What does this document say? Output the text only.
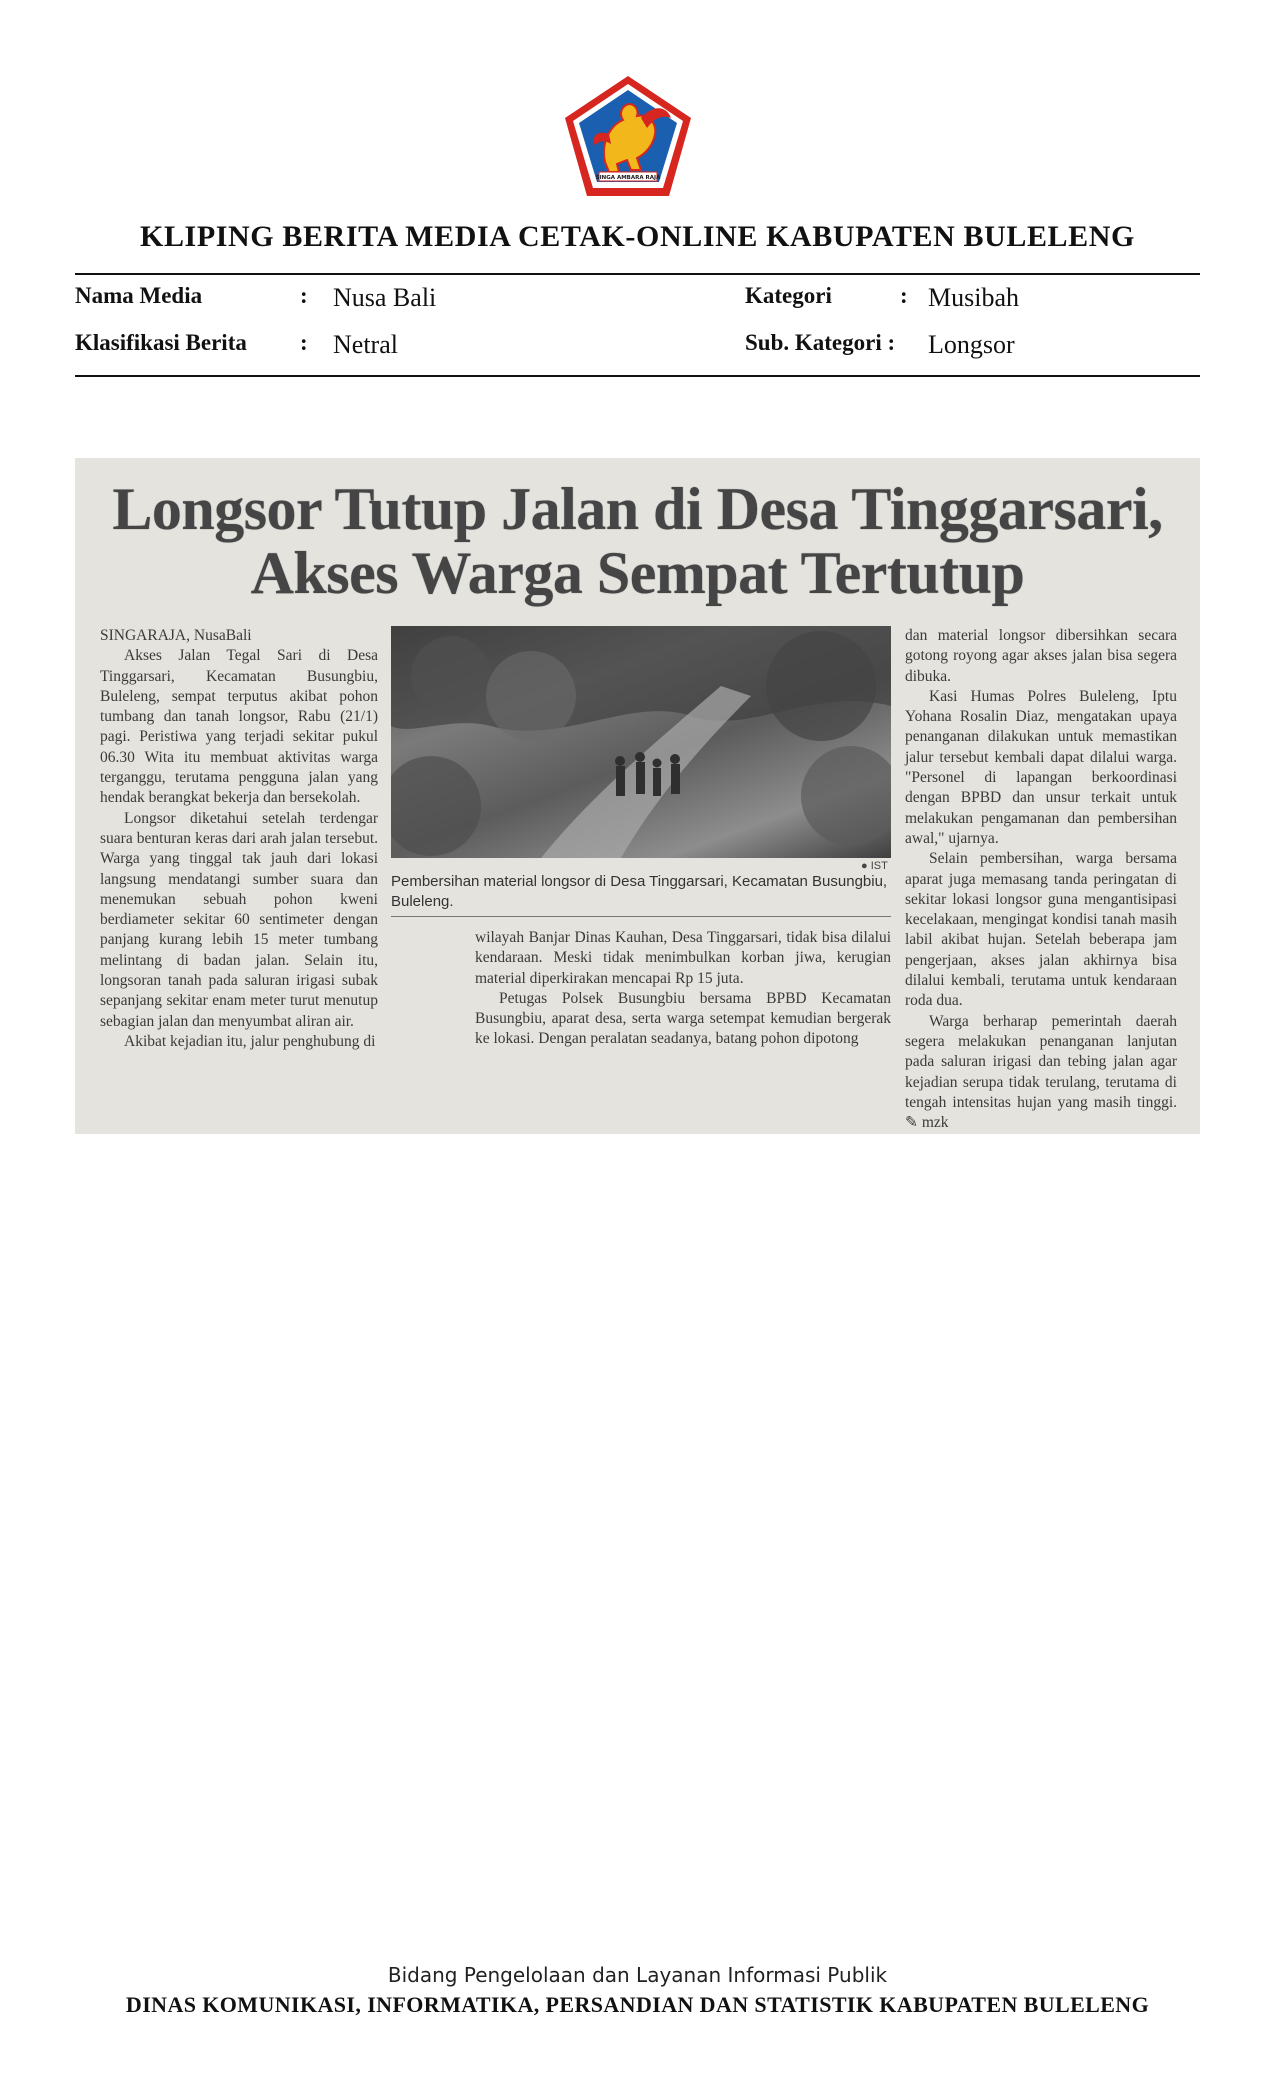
SINGA AMBARA RAJA
KLIPING BERITA MEDIA CETAK-ONLINE KABUPATEN BULELENG
Nama Media	: Nusa Bali	Kategori	: Musibah
Klasifikasi Berita : Netral	Sub. Kategori : Longsor
Longsor Tutup Jalan di Desa Tinggarsari,
Akses Warga Sempat Tertutup

SINGARAJA, NusaBali

Akses Jalan Tegal Sari di Desa Tinggarsari, Kecamatan Busungbiu, Buleleng, sempat terputus akibat pohon tumbang dan tanah longsor, Rabu (21/1) pagi. Peristiwa yang terjadi sekitar pukul 06.30 Wita itu membuat aktivitas warga terganggu, terutama pengguna jalan yang hendak berangkat bekerja dan bersekolah.

Longsor diketahui setelah terdengar suara benturan keras dari arah jalan tersebut. Warga yang tinggal tak jauh dari lokasi langsung mendatangi sumber suara dan menemukan sebuah pohon kweni berdiameter sekitar 60 sentimeter dengan panjang kurang lebih 15 meter tumbang melintang di badan jalan. Selain itu, longsoran tanah pada saluran irigasi subak sepanjang sekitar enam meter turut menutup sebagian jalan dan menyumbat aliran air.

Akibat kejadian itu, jalur penghubung di

● IST
Pembersihan material longsor di Desa Tinggarsari, Kecamatan Busungbiu, Buleleng.

wilayah Banjar Dinas Kauhan, Desa Tinggarsari, tidak bisa dilalui kendaraan. Meski tidak menimbulkan korban jiwa, kerugian material diperkirakan mencapai Rp 15 juta.

Petugas Polsek Busungbiu bersama BPBD Kecamatan Busungbiu, aparat desa, serta warga setempat kemudian bergerak ke lokasi. Dengan peralatan seadanya, batang pohon dipotong

dan material longsor dibersihkan secara gotong royong agar akses jalan bisa segera dibuka.

Kasi Humas Polres Buleleng, Iptu Yohana Rosalin Diaz, mengatakan upaya penanganan dilakukan untuk memastikan jalur tersebut kembali dapat dilalui warga. "Personel di lapangan berkoordinasi dengan BPBD dan unsur terkait untuk melakukan pengamanan dan pembersihan awal," ujarnya.

Selain pembersihan, warga bersama aparat juga memasang tanda peringatan di sekitar lokasi longsor guna mengantisipasi kecelakaan, mengingat kondisi tanah masih labil akibat hujan. Setelah beberapa jam pengerjaan, akses jalan akhirnya bisa dilalui kembali, terutama untuk kendaraan roda dua.

Warga berharap pemerintah daerah segera melakukan penanganan lanjutan pada saluran irigasi dan tebing jalan agar kejadian serupa tidak terulang, terutama di tengah intensitas hujan yang masih tinggi. ✎ mzk

Bidang Pengelolaan dan Layanan Informasi Publik
DINAS KOMUNIKASI, INFORMATIKA, PERSANDIAN DAN STATISTIK KABUPATEN BULELENG
